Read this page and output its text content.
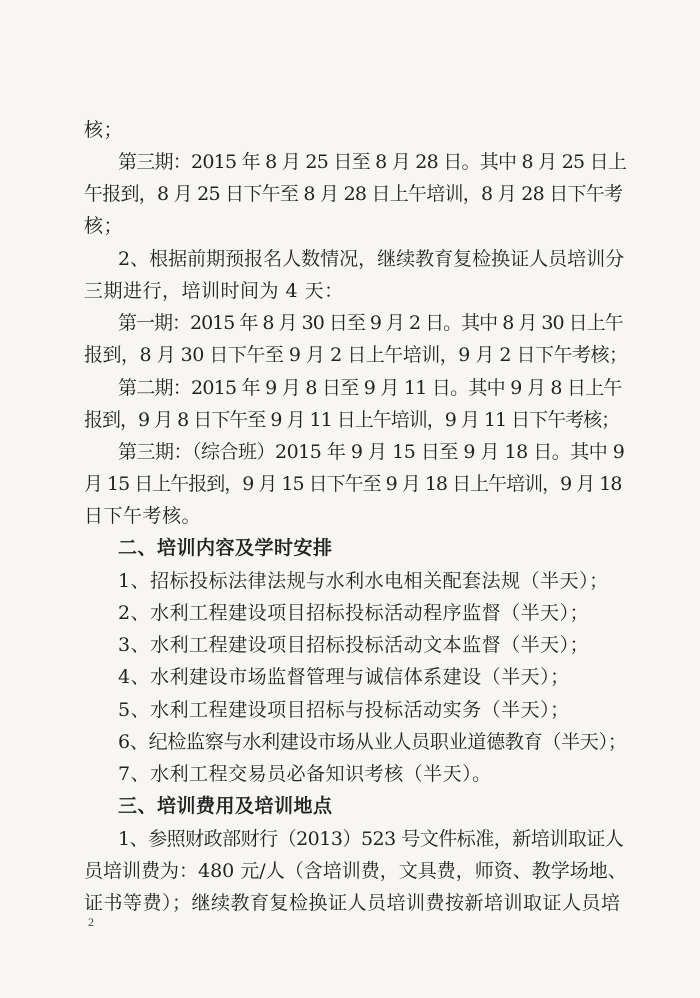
核；
第三期：2015 年 8 月 25 日至 8 月 28 日。其中 8 月 25 日上
午报到，8 月 25 日下午至 8 月 28 日上午培训，8 月 28 日下午考
核；
2、根据前期预报名人数情况，继续教育复检换证人员培训分
三期进行，培训时间为 4 天：
第一期：2015 年 8 月 30 日至 9 月 2 日。其中 8 月 30 日上午
报到，8 月 30 日下午至 9 月 2 日上午培训，9 月 2 日下午考核；
第二期：2015 年 9 月 8 日至 9 月 11 日。其中 9 月 8 日上午
报到，9 月 8 日下午至 9 月 11 日上午培训，9 月 11 日下午考核；
第三期：（综合班）2015 年 9 月 15 日至 9 月 18 日。其中 9
月 15 日上午报到，9 月 15 日下午至 9 月 18 日上午培训，9 月 18
日下午考核。
二、培训内容及学时安排
1、招标投标法律法规与水利水电相关配套法规（半天）；
2、水利工程建设项目招标投标活动程序监督（半天）；
3、水利工程建设项目招标投标活动文本监督（半天）；
4、水利建设市场监督管理与诚信体系建设（半天）；
5、水利工程建设项目招标与投标活动实务（半天）；
6、纪检监察与水利建设市场从业人员职业道德教育（半天）；
7、水利工程交易员必备知识考核（半天）。
三、培训费用及培训地点
1、参照财政部财行（2013）523 号文件标准，新培训取证人
员培训费为：480 元/人（含培训费，文具费，师资、教学场地、
证书等费）；继续教育复检换证人员培训费按新培训取证人员培
2
